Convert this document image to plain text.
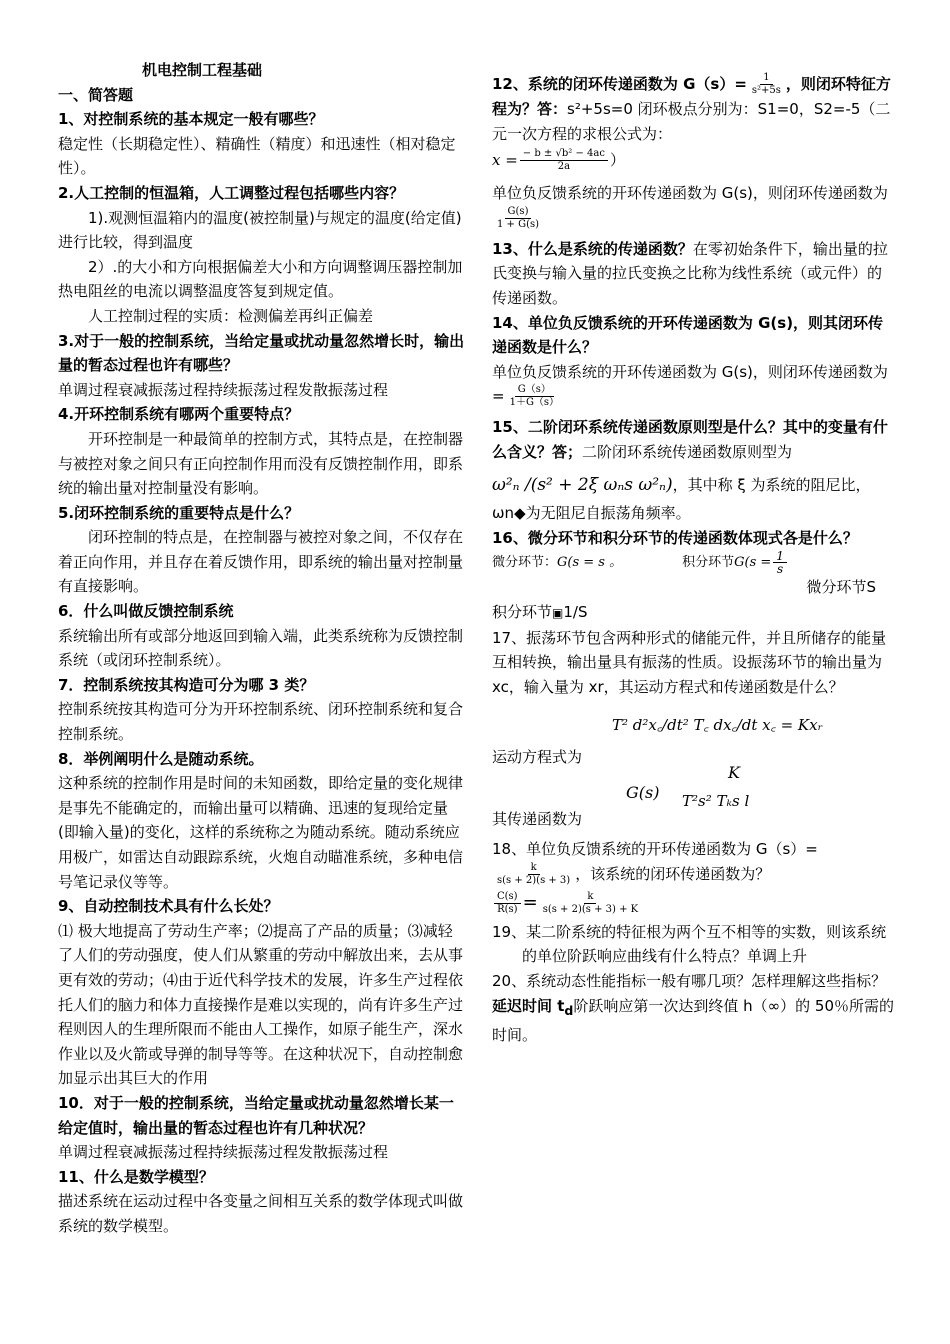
机电控制工程基础

一、简答题

1、对控制系统的基本规定一般有哪些？

稳定性（长期稳定性）、精确性（精度）和迅速性（相对稳定性）。

2.人工控制的恒温箱，人工调整过程包括哪些内容？

1).观测恒温箱内的温度(被控制量)与规定的温度(给定值)进行比较，得到温度

2）.的大小和方向根据偏差大小和方向调整调压器控制加热电阻丝的电流以调整温度答复到规定值。

人工控制过程的实质：检测偏差再纠正偏差

3.对于一般的控制系统，当给定量或扰动量忽然增长时，输出量的暂态过程也许有哪些？

单调过程衰减振荡过程持续振荡过程发散振荡过程

4.开环控制系统有哪两个重要特点？

开环控制是一种最简单的控制方式，其特点是，在控制器与被控对象之间只有正向控制作用而没有反馈控制作用，即系统的输出量对控制量没有影响。

5.闭环控制系统的重要特点是什么？

闭环控制的特点是，在控制器与被控对象之间，不仅存在着正向作用，并且存在着反馈作用，即系统的输出量对控制量有直接影响。

6．什么叫做反馈控制系统

系统输出所有或部分地返回到输入端，此类系统称为反馈控制系统（或闭环控制系统）。

7．控制系统按其构造可分为哪 3 类？

控制系统按其构造可分为开环控制系统、闭环控制系统和复合控制系统。

8．举例阐明什么是随动系统。

这种系统的控制作用是时间的未知函数，即给定量的变化规律是事先不能确定的，而输出量可以精确、迅速的复现给定量(即输入量)的变化，这样的系统称之为随动系统。随动系统应用极广，如雷达自动跟踪系统，火炮自动瞄准系统，多种电信号笔记录仪等等。

9、自动控制技术具有什么长处？

⑴ 极大地提高了劳动生产率；⑵提高了产品的质量；⑶减轻了人们的劳动强度，使人们从繁重的劳动中解放出来，去从事更有效的劳动；⑷由于近代科学技术的发展，许多生产过程依托人们的脑力和体力直接操作是难以实现的，尚有许多生产过程则因人的生理所限而不能由人工操作，如原子能生产，深水作业以及火箭或导弹的制导等等。在这种状况下，自动控制愈加显示出其巨大的作用

10．对于一般的控制系统，当给定量或扰动量忽然增长某一给定值时，输出量的暂态过程也许有几种状况？

单调过程衰减振荡过程持续振荡过程发散振荡过程

11、什么是数学模型？

描述系统在运动过程中各变量之间相互关系的数学体现式叫做系统的数学模型。

12、系统的闭环传递函数为 $G(s)= \frac{1}{\text{s²+5s}}$ ，则闭环特征方程为？答：s²+5s=0 闭环极点分别为：S1=0，S2=-5（二元一次方程的求根公式为：

$x = \frac{\text{− b ± √b² − 4ac}}{2a}$ ）

单位负反馈系统的开环传递函数为 G(s)，则闭环传递函数为
$\frac{G(s)}{1 + G(s)}$

13、什么是系统的传递函数？在零初始条件下，输出量的拉氏变换与输入量的拉氏变换之比称为线性系统（或元件）的传递函数。

14、单位负反馈系统的开环传递函数为 G(s)，则其闭环传递函数是什么？

单位负反馈系统的开环传递函数为 G(s)，则闭环传递函数为= $\frac{G(s)}{1+G(s)}$

15、二阶闭环系统传递函数原则型是什么？其中的变量有什么含义？答；二阶闭环系统传递函数原则型为

ω²ₙ /(s² + 2ξ ωₙs ω²ₙ)，其中称 ξ 为系统的阻尼比，

ωn◆为无阻尼自振荡角频率。

16、微分环节和积分环节的传递函数体现式各是什么？

微分环节： G(s = s 。	积分环节 $G(s = \frac{1}{s}$

微分环节S

积分环节▣1/S

17、振荡环节包含两种形式的储能元件，并且所储存的能量互相转换，输出量具有振荡的性质。设振荡环节的输出量为 xc，输入量为 xr，其运动方程式和传递函数是什么？

运动方程式为
T² d²x꜀/dt² T꜀ dx꜀/dt x꜀ = Kxᵣ

其传递函数为
G(s)
K
T²s² Tₖs l

18、单位负反馈系统的开环传递函数为 G（s）=
$\frac{k}{s(s + 2)(s + 3)}$ ，该系统的闭环传递函数为？

$\frac{C(s)}{R(s)} = \frac{k}{s(s + 2)(s + 3) + K}$

19、某二阶系统的特征根为两个互不相等的实数，则该系统的单位阶跃响应曲线有什么特点？单调上升

20、系统动态性能指标一般有哪几项？怎样理解这些指标？

延迟时间 $t_d$阶跃响应第一次达到终值 h（∞）的 50％所需的时间。
